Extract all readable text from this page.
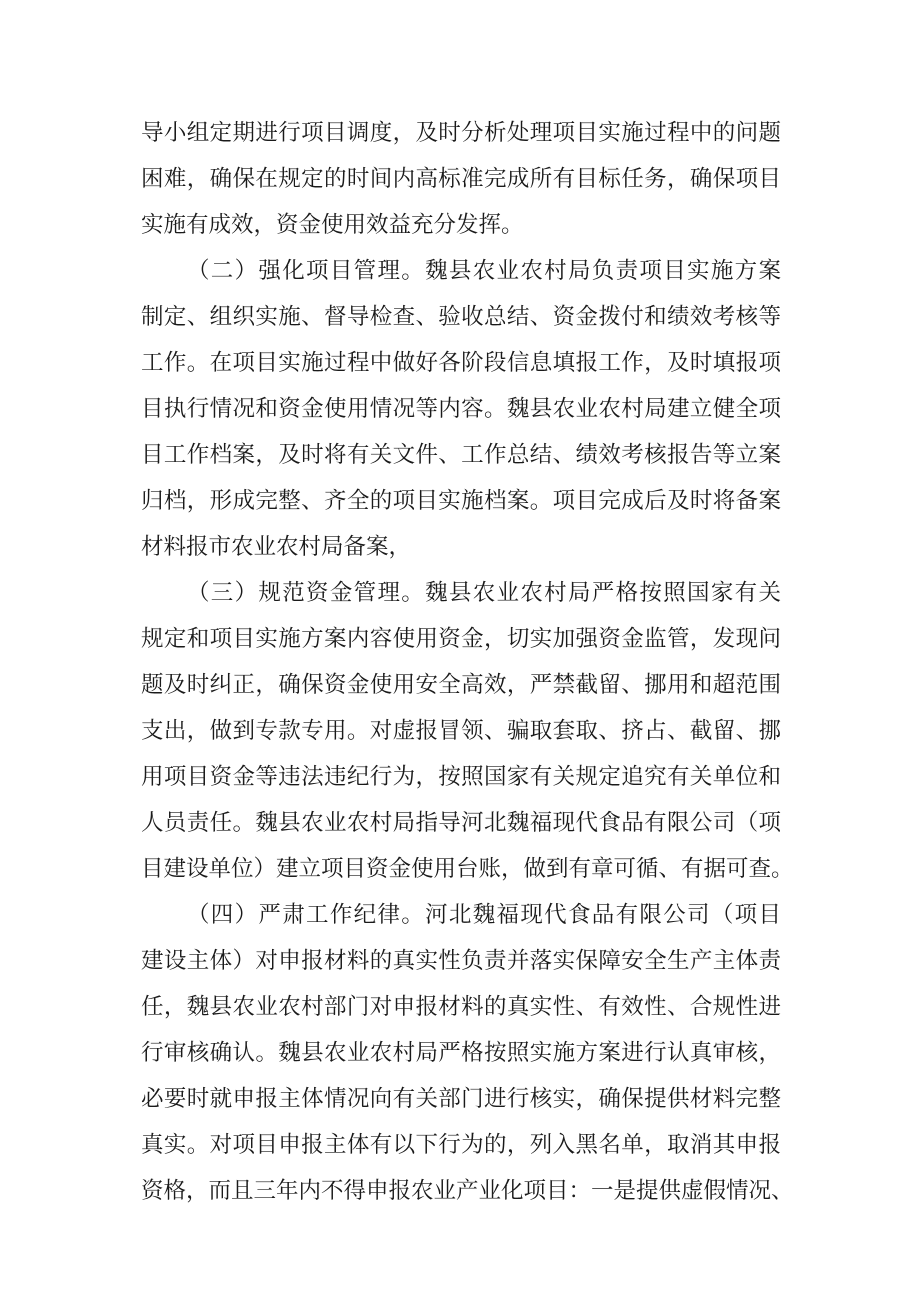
导小组定期进行项目调度，及时分析处理项目实施过程中的问题
困难，确保在规定的时间内高标准完成所有目标任务，确保项目
实施有成效，资金使用效益充分发挥。
（二）强化项目管理。魏县农业农村局负责项目实施方案
制定、组织实施、督导检查、验收总结、资金拨付和绩效考核等
工作。在项目实施过程中做好各阶段信息填报工作，及时填报项
目执行情况和资金使用情况等内容。魏县农业农村局建立健全项
目工作档案，及时将有关文件、工作总结、绩效考核报告等立案
归档，形成完整、齐全的项目实施档案。项目完成后及时将备案
材料报市农业农村局备案，
（三）规范资金管理。魏县农业农村局严格按照国家有关
规定和项目实施方案内容使用资金，切实加强资金监管，发现问
题及时纠正，确保资金使用安全高效，严禁截留、挪用和超范围
支出，做到专款专用。对虚报冒领、骗取套取、挤占、截留、挪
用项目资金等违法违纪行为，按照国家有关规定追究有关单位和
人员责任。魏县农业农村局指导河北魏福现代食品有限公司（项
目建设单位）建立项目资金使用台账，做到有章可循、有据可查。
（四）严肃工作纪律。河北魏福现代食品有限公司（项目
建设主体）对申报材料的真实性负责并落实保障安全生产主体责
任，魏县农业农村部门对申报材料的真实性、有效性、合规性进
行审核确认。魏县农业农村局严格按照实施方案进行认真审核，
必要时就申报主体情况向有关部门进行核实，确保提供材料完整
真实。对项目申报主体有以下行为的，列入黑名单，取消其申报
资格，而且三年内不得申报农业产业化项目：一是提供虚假情况、
